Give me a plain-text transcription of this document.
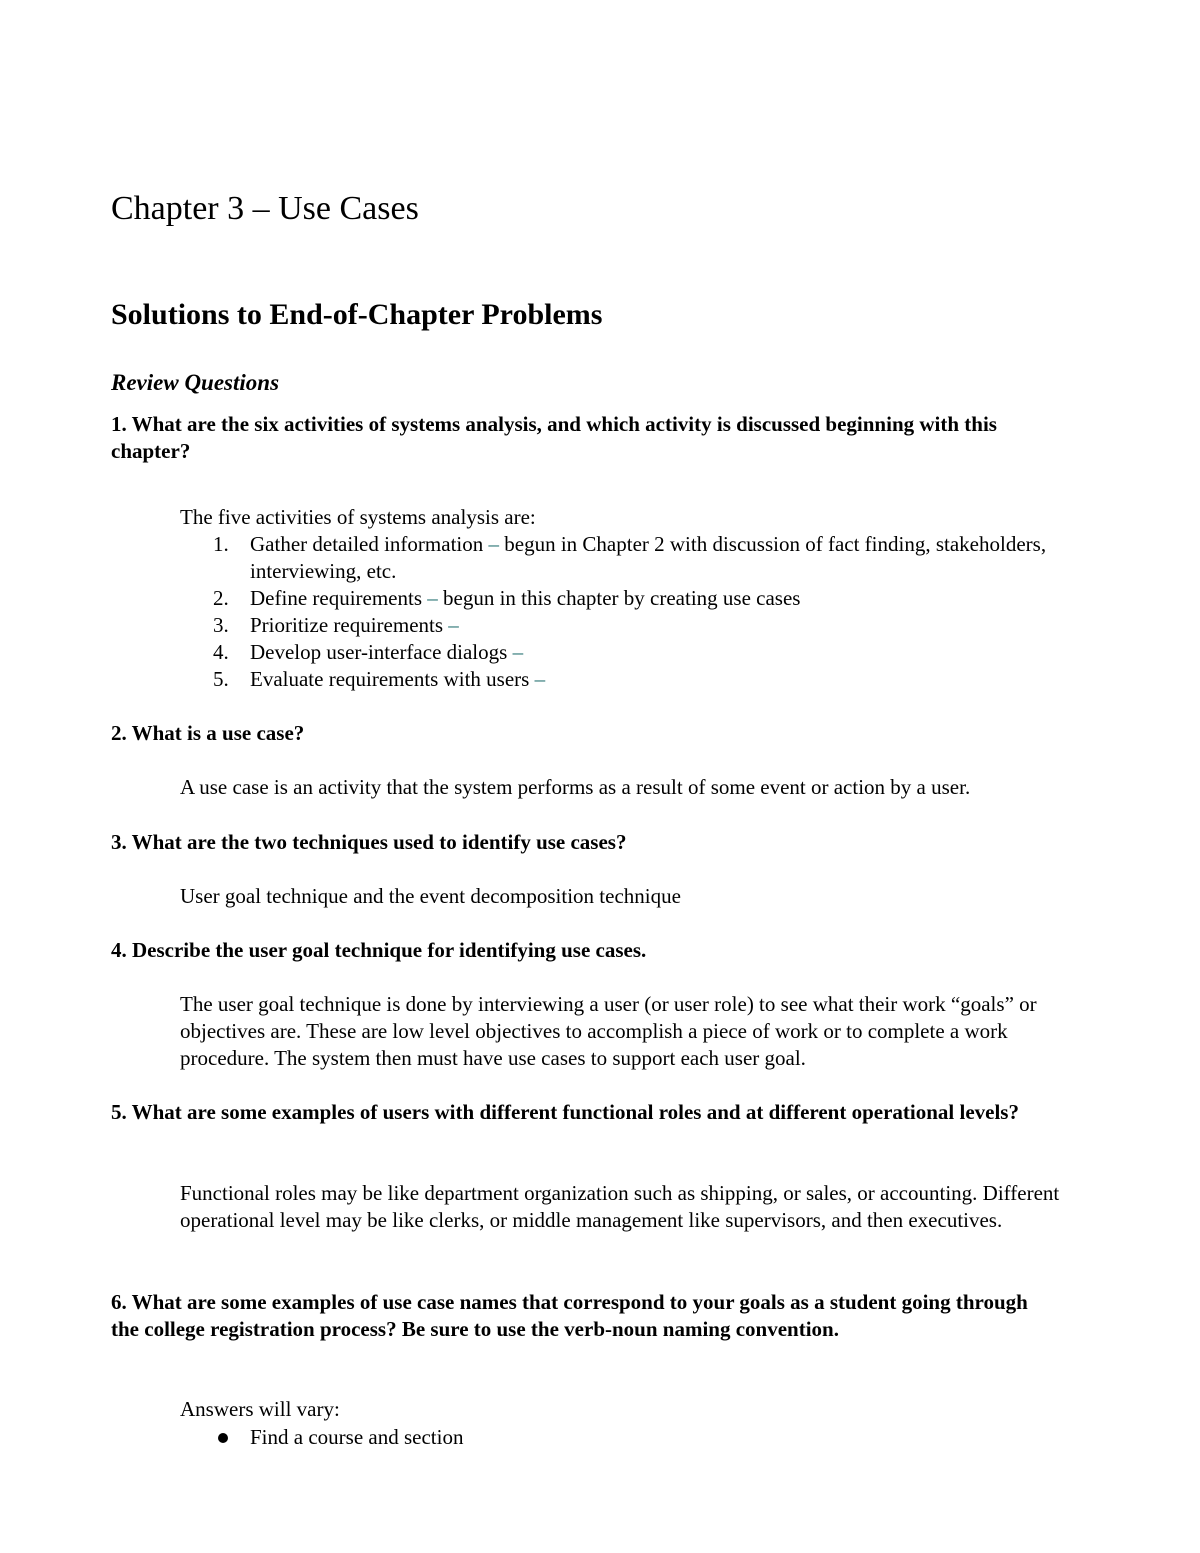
Chapter 3 – Use Cases
Solutions to End-of-Chapter Problems
Review Questions

1. What are the six activities of systems analysis, and which activity is discussed beginning with this chapter?

The five activities of systems analysis are:

1. Gather detailed information – begun in Chapter 2 with discussion of fact finding, stakeholders, interviewing, etc.
2. Define requirements – begun in this chapter by creating use cases
3. Prioritize requirements –
4. Develop user-interface dialogs –
5. Evaluate requirements with users –

2. What is a use case?

A use case is an activity that the system performs as a result of some event or action by a user.

3. What are the two techniques used to identify use cases?

User goal technique and the event decomposition technique

4. Describe the user goal technique for identifying use cases.

The user goal technique is done by interviewing a user (or user role) to see what their work “goals” or objectives are. These are low level objectives to accomplish a piece of work or to complete a work procedure. The system then must have use cases to support each user goal.

5. What are some examples of users with different functional roles and at different operational levels?

Functional roles may be like department organization such as shipping, or sales, or accounting. Different operational level may be like clerks, or middle management like supervisors, and then executives.

6. What are some examples of use case names that correspond to your goals as a student going through the college registration process? Be sure to use the verb-noun naming convention.

Answers will vary:

Find a course and section
